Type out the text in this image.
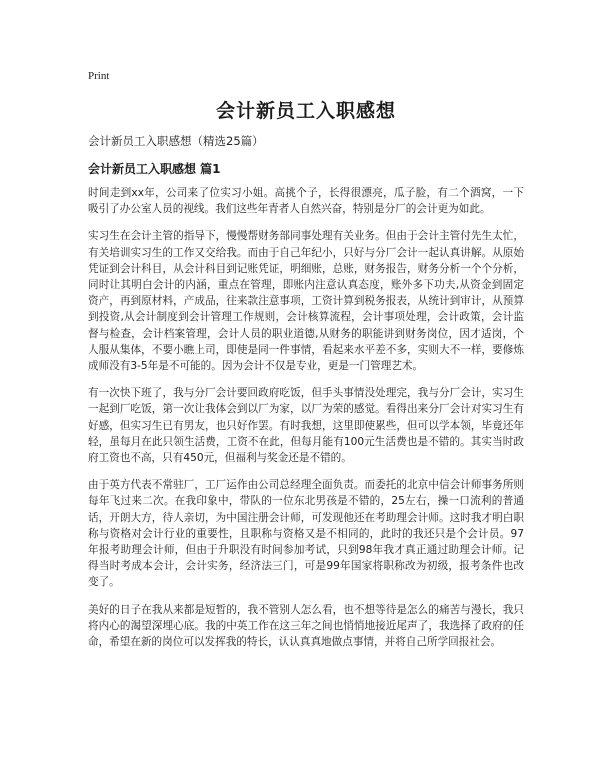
Print
会计新员工入职感想
会计新员工入职感想（精选25篇）
会计新员工入职感想 篇1

时间走到xx年，公司来了位实习小姐。高挑个子，长得很漂亮，瓜子脸，有二个酒窝，一下吸引了办公室人员的视线。我们这些年青者人自然兴奋，特别是分厂的会计更为如此。

实习生在会计主管的指导下，慢慢帮财务部同事处理有关业务。但由于会计主管付先生太忙，有关培训实习生的工作又交给我。而由于自己年纪小，只好与分厂会计一起认真讲解。从原始凭证到会计科目，从会计科目到记账凭证，明细账，总账，财务报告，财务分析一个个分析，同时让其明白会计的内涵，重点在管理，即账内注意认真态度，账外多下功夫,从资金到固定资产，再到原材料，产成品，往来款注意事项，工资计算到税务报表，从统计到审计，从预算到投资,从会计制度到会计管理工作规则，会计核算流程，会计事项处理，会计政策，会计监督与检查，会计档案管理，会计人员的职业道德,从财务的职能讲到财务岗位，因才适岗，个人服从集体，不要小瞧上司，即使是同一件事情，看起来水平差不多，实则大不一样，要修炼成师没有3-5年是不可能的。因为会计不仅是专业，更是一门管理艺术。

有一次快下班了，我与分厂会计要回政府吃饭，但手头事情没处理完，我与分厂会计，实习生一起到厂吃饭，第一次让我体会到以厂为家，以厂为荣的感觉。看得出来分厂会计对实习生有好感，但实习生已有男友，也只好作罢。有时我想，这里即使累些，但可以学本领，毕竟还年轻，虽每月在此只领生活费，工资不在此，但每月能有100元生活费也是不错的。其实当时政府工资也不高，只有450元，但福利与奖金还是不错的。

由于英方代表不常驻厂，工厂运作由公司总经理全面负责。而委托的北京中信会计师事务所则每年飞过来二次。在我印象中，带队的一位东北男孩是不错的，25左右，操一口流利的普通话，开朗大方，待人亲切，为中国注册会计师，可发现他还在考助理会计师。这时我才明白职称与资格对会计行业的重要性，且职称与资格又是不相同的，此时的我还只是个会计员。97年报考助理会计师，但由于升职没有时间参加考试，只到98年我才真正通过助理会计师。记得当时考成本会计，会计实务，经济法三门，可是99年国家将职称改为初级，报考条件也改变了。

美好的日子在我从来都是短暂的，我不管别人怎么看，也不想等待是怎么的痛苦与漫长，我只将内心的渴望深埋心底。我的中英工作在这三年之间也悄悄地接近尾声了，我选择了政府的任命，希望在新的岗位可以发挥我的特长，认认真真地做点事情，并将自己所学回报社会。
